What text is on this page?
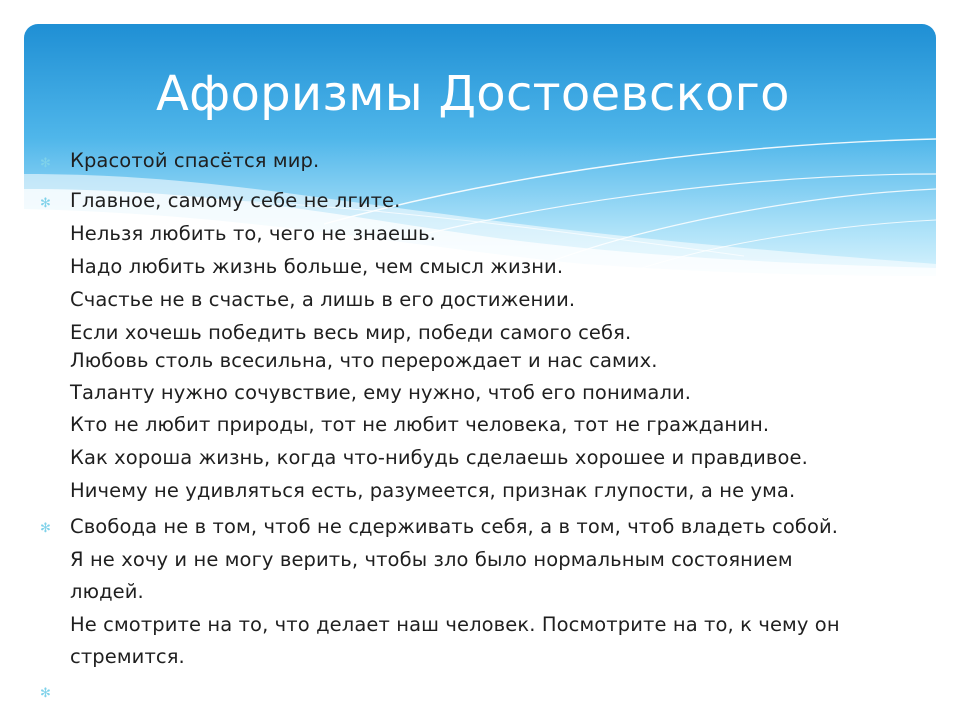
Афоризмы Достоевского
✻ Красотой спасётся мир.
✻ Главное, самому себе не лгите.
Нельзя любить то, чего не знаешь.
Надо любить жизнь больше, чем смысл жизни.
Счастье не в счастье, а лишь в его достижении.
Если хочешь победить весь мир, победи самого себя.
Любовь столь всесильна, что перерождает и нас самих.
Таланту нужно сочувствие, ему нужно, чтоб его понимали.
Кто не любит природы, тот не любит человека, тот не гражданин.
Как хороша жизнь, когда что-нибудь сделаешь хорошее и правдивое.
Ничему не удивляться есть, разумеется, признак глупости, а не ума.
✻ Свобода не в том, чтоб не сдерживать себя, а в том, чтоб владеть собой.
Я не хочу и не могу верить, чтобы зло было нормальным состоянием
людей.
Не смотрите на то, что делает наш человек. Посмотрите на то, к чему он
стремится.
✻
